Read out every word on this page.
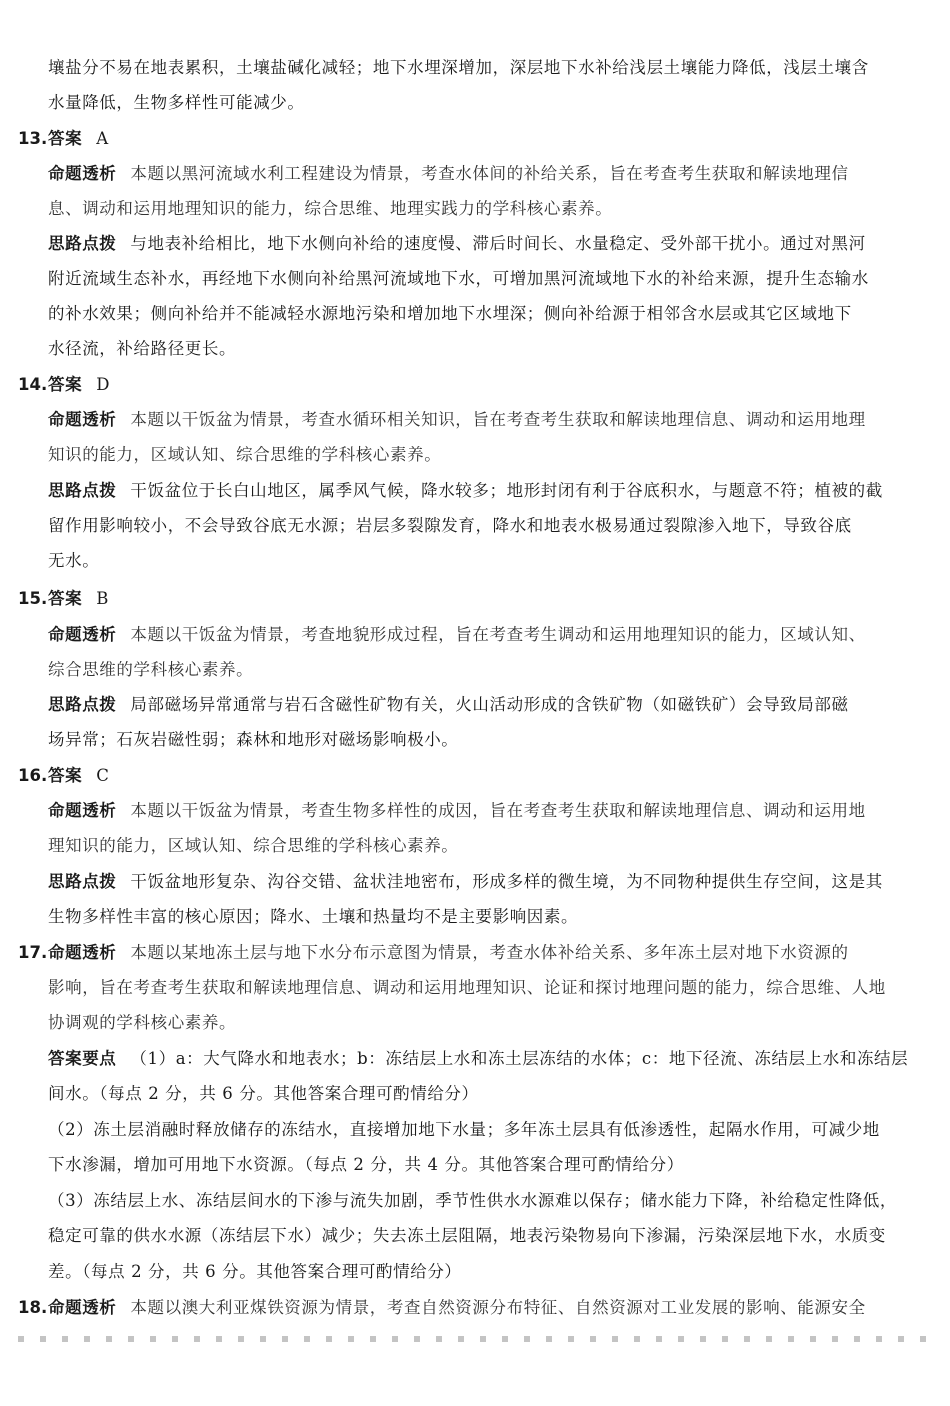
壤盐分不易在地表累积，土壤盐碱化减轻；地下水埋深增加，深层地下水补给浅层土壤能力降低，浅层土壤含
水量降低，生物多样性可能减少。
13. 答案 A
命题透析 本题以黑河流域水利工程建设为情景，考查水体间的补给关系，旨在考查考生获取和解读地理信
息、调动和运用地理知识的能力，综合思维、地理实践力的学科核心素养。
思路点拨 与地表补给相比，地下水侧向补给的速度慢、滞后时间长、水量稳定、受外部干扰小。通过对黑河
附近流域生态补水，再经地下水侧向补给黑河流域地下水，可增加黑河流域地下水的补给来源，提升生态输水
的补水效果；侧向补给并不能减轻水源地污染和增加地下水埋深；侧向补给源于相邻含水层或其它区域地下
水径流，补给路径更长。
14. 答案 D
命题透析 本题以干饭盆为情景，考查水循环相关知识，旨在考查考生获取和解读地理信息、调动和运用地理
知识的能力，区域认知、综合思维的学科核心素养。
思路点拨 干饭盆位于长白山地区，属季风气候，降水较多；地形封闭有利于谷底积水，与题意不符；植被的截
留作用影响较小，不会导致谷底无水源；岩层多裂隙发育，降水和地表水极易通过裂隙渗入地下，导致谷底
无水。
15. 答案 B
命题透析 本题以干饭盆为情景，考查地貌形成过程，旨在考查考生调动和运用地理知识的能力，区域认知、
综合思维的学科核心素养。
思路点拨 局部磁场异常通常与岩石含磁性矿物有关，火山活动形成的含铁矿物（如磁铁矿）会导致局部磁
场异常；石灰岩磁性弱；森林和地形对磁场影响极小。
16. 答案 C
命题透析 本题以干饭盆为情景，考查生物多样性的成因，旨在考查考生获取和解读地理信息、调动和运用地
理知识的能力，区域认知、综合思维的学科核心素养。
思路点拨 干饭盆地形复杂、沟谷交错、盆状洼地密布，形成多样的微生境，为不同物种提供生存空间，这是其
生物多样性丰富的核心原因；降水、土壤和热量均不是主要影响因素。
17. 命题透析 本题以某地冻土层与地下水分布示意图为情景，考查水体补给关系、多年冻土层对地下水资源的
影响，旨在考查考生获取和解读地理信息、调动和运用地理知识、论证和探讨地理问题的能力，综合思维、人地
协调观的学科核心素养。
答案要点 （1）a：大气降水和地表水；b：冻结层上水和冻土层冻结的水体；c：地下径流、冻结层上水和冻结层
间水。（每点 2 分，共 6 分。其他答案合理可酌情给分）
（2）冻土层消融时释放储存的冻结水，直接增加地下水量；多年冻土层具有低渗透性，起隔水作用，可减少地
下水渗漏，增加可用地下水资源。（每点 2 分，共 4 分。其他答案合理可酌情给分）
（3）冻结层上水、冻结层间水的下渗与流失加剧，季节性供水水源难以保存；储水能力下降，补给稳定性降低，
稳定可靠的供水水源（冻结层下水）减少；失去冻土层阻隔，地表污染物易向下渗漏，污染深层地下水，水质变
差。（每点 2 分，共 6 分。其他答案合理可酌情给分）
18. 命题透析 本题以澳大利亚煤铁资源为情景，考查自然资源分布特征、自然资源对工业发展的影响、能源安全
